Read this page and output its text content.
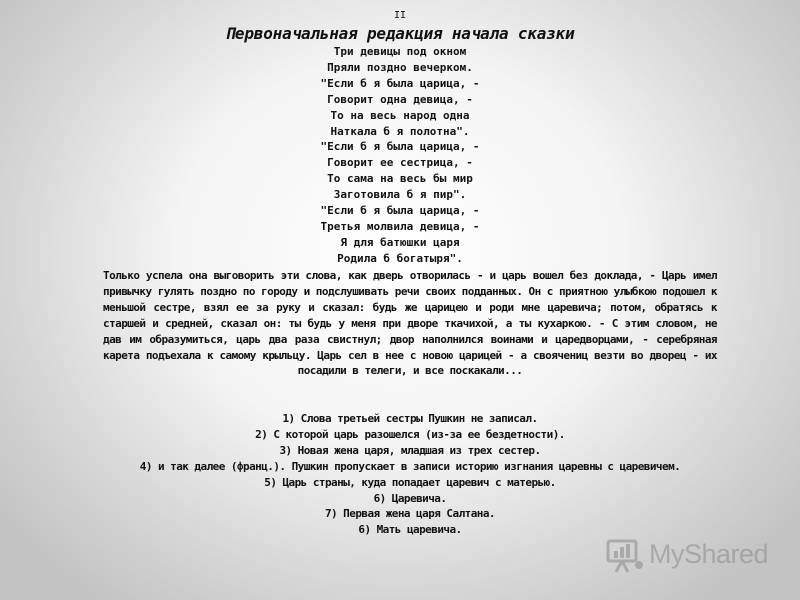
II
Первоначальная редакция начала сказки
Три девицы под окном
Пряли поздно вечерком.
"Если б я была царица, -
Говорит одна девица, -
То на весь народ одна
Наткала б я полотна".
"Если б я была царица, -
Говорит ее сестрица, -
То сама на весь бы мир
Заготовила б я пир".
"Если б я была царица, -
Третья молвила девица, -
Я для батюшки царя
Родила б богатыря".
Только успела она выговорить эти слова, как дверь отворилась - и царь вошел без доклада, - Царь имел привычку гулять поздно по городу и подслушивать речи своих подданных. Он с приятною улыбкою подошел к меньшой сестре, взял ее за руку и сказал: будь же царицею и роди мне царевича; потом, обратясь к старшей и средней, сказал он: ты будь у меня при дворе ткачихой, а ты кухаркою. - С этим словом, не дав им образумиться, царь два раза свистнул; двор наполнился воинами и царедворцами, - серебряная карета подъехала к самому крыльцу. Царь сел в нее с новою царицей - а своячениц везти во дворец - их посадили в телеги, и все поскакали...
1) Слова третьей сестры Пушкин не записал.
2) С которой царь разошелся (из-за ее бездетности).
3) Новая жена царя, младшая из трех сестер.
4) и так далее (франц.). Пушкин пропускает в записи историю изгнания царевны с царевичем.
5) Царь страны, куда попадает царевич с матерью.
6) Царевича.
7) Первая жена царя Салтана.
6) Мать царевича.
MyShared
